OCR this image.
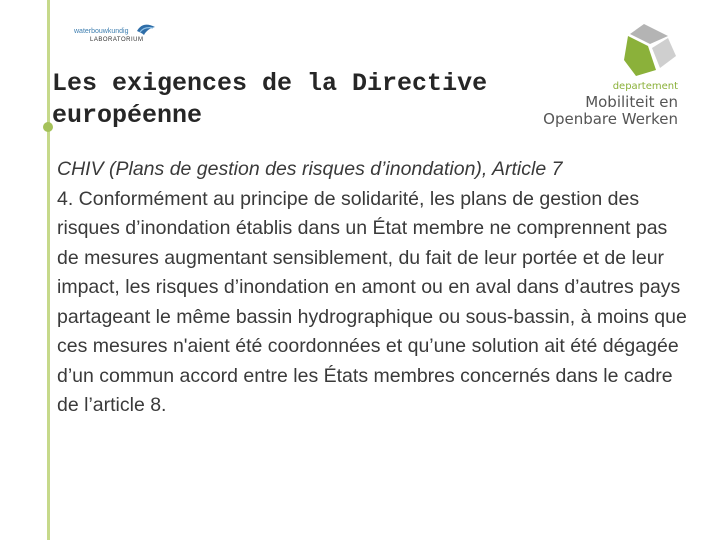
waterbouwkundig
LABORATORIUM
Les exigences de la Directive
européenne
departement
Mobiliteit en
Openbare Werken

CHIV (Plans de gestion des risques d’inondation), Article 7

4. Conformément au principe de solidarité, les plans de gestion des risques d’inondation établis dans un État membre ne comprennent pas de mesures augmentant sensiblement, du fait de leur portée et de leur impact, les risques d’inondation en amont ou en aval dans d’autres pays partageant le même bassin hydrographique ou sous-bassin, à moins que ces mesures n'aient été coordonnées et qu’une solution ait été dégagée d’un commun accord entre les États membres concernés dans le cadre de l’article 8.
